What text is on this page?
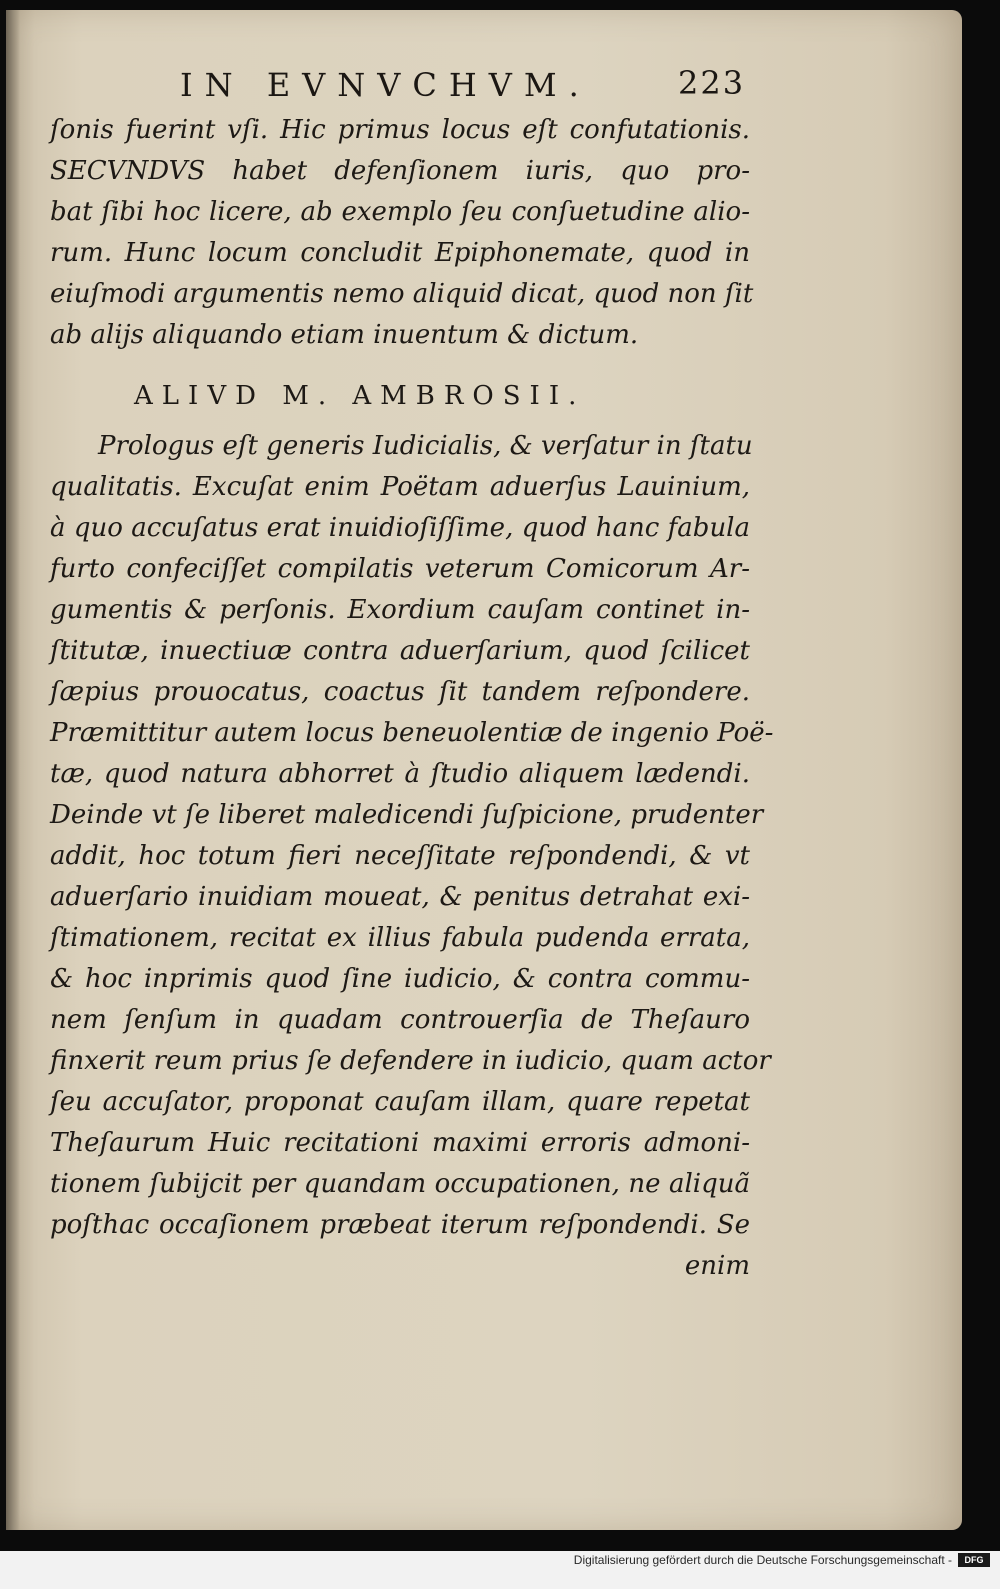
IN EVNVCHVM.	223
ſonis fuerint vſi. Hic primus locus eſt confutationis.
SECVNDVS habet defenſionem iuris, quo pro-
bat ſibi hoc licere, ab exemplo ſeu conſuetudine alio-
rum. Hunc locum concludit Epiphonemate, quod in
eiuſmodi argumentis nemo aliquid dicat, quod non ſit
ab alijs aliquando etiam inuentum & dictum.
ALIVD M. AMBROSII.
Prologus eſt generis Iudicialis, & verſatur in ſtatu
qualitatis. Excuſat enim Poëtam aduerſus Lauinium,
à quo accuſatus erat inuidioſiſſime, quod hanc fabula
furto confeciſſet compilatis veterum Comicorum Ar-
gumentis & perſonis. Exordium cauſam continet in-
ſtitutæ, inuectiuæ contra aduerſarium, quod ſcilicet
ſæpius prouocatus, coactus ſit tandem reſpondere.
Præmittitur autem locus beneuolentiæ de ingenio Poë-
tæ, quod natura abhorret à ſtudio aliquem lædendi.
Deinde vt ſe liberet maledicendi ſuſpicione, prudenter
addit, hoc totum fieri neceſſitate reſpondendi, & vt
aduerſario inuidiam moueat, & penitus detrahat exi-
ſtimationem, recitat ex illius fabula pudenda errata,
& hoc inprimis quod ſine iudicio, & contra commu-
nem ſenſum in quadam controuerſia de Theſauro
finxerit reum prius ſe defendere in iudicio, quam actor
ſeu accuſator, proponat cauſam illam, quare repetat
Theſaurum Huic recitationi maximi erroris admoni-
tionem ſubijcit per quandam occupationen, ne aliquã
poſthac occaſionem præbeat iterum reſpondendi. Se
enim
Digitalisierung gefördert durch die Deutsche Forschungsgemeinschaft -	DFG
